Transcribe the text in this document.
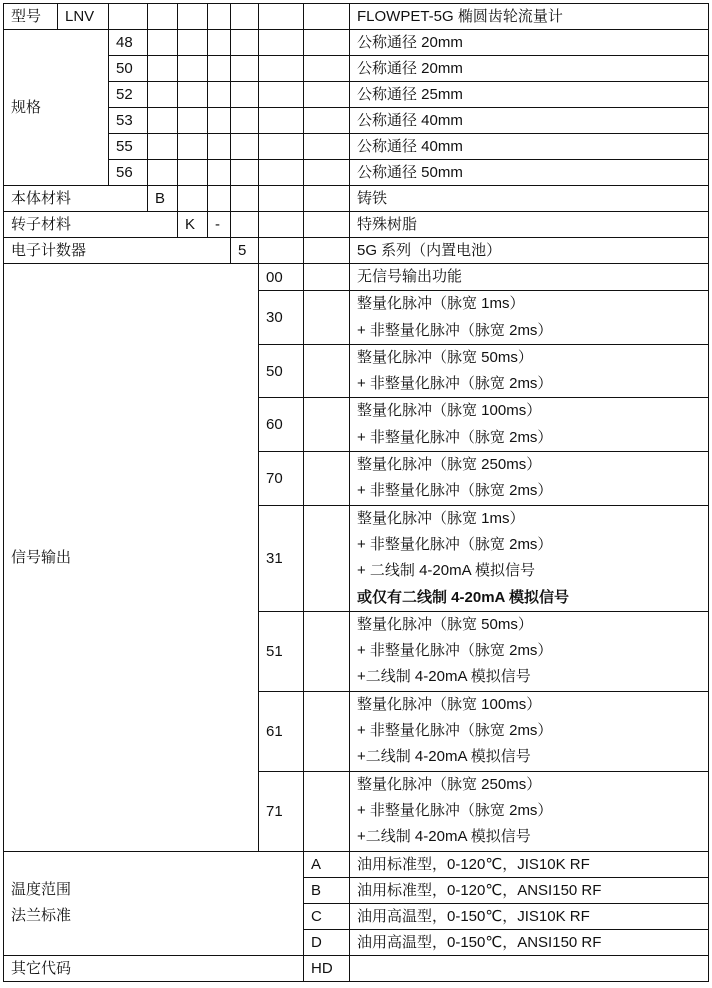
型号	LNV								FLOWPET-5G 椭圆齿轮流量计
规格		48							公称通径 20mm
		50							公称通径 20mm
		52							公称通径 25mm
		53							公称通径 40mm
		55							公称通径 40mm
		56							公称通径 50mm
本体材料			B						铸铁
转子材料				K	-				特殊树脂
电子计数器						5			5G 系列（内置电池）
信号输出							00		无信号输出功能

							30		整量化脉冲（脉宽 1ms）
+ 非整量化脉冲（脉宽 2ms）

							50		整量化脉冲（脉宽 50ms）
+ 非整量化脉冲（脉宽 2ms）

							60		整量化脉冲（脉宽 100ms）
+ 非整量化脉冲（脉宽 2ms）

							70		整量化脉冲（脉宽 250ms）
+ 非整量化脉冲（脉宽 2ms）

							31		整量化脉冲（脉宽 1ms）
+ 非整量化脉冲（脉宽 2ms）
+ 二线制 4-20mA 模拟信号
或仅有二线制 4-20mA 模拟信号

							51		整量化脉冲（脉宽 50ms）
+ 非整量化脉冲（脉宽 2ms）
+二线制 4-20mA 模拟信号

							61		整量化脉冲（脉宽 100ms）
+ 非整量化脉冲（脉宽 2ms）
+二线制 4-20mA 模拟信号

							71		整量化脉冲（脉宽 250ms）
+ 非整量化脉冲（脉宽 2ms）
+二线制 4-20mA 模拟信号

温度范围
法兰标准								A	油用标准型，0-120℃，JIS10K RF
								B	油用标准型，0-120℃，ANSI150 RF
								C	油用高温型，0-150℃，JIS10K RF
								D	油用高温型，0-150℃，ANSI150 RF
其它代码								HD	
